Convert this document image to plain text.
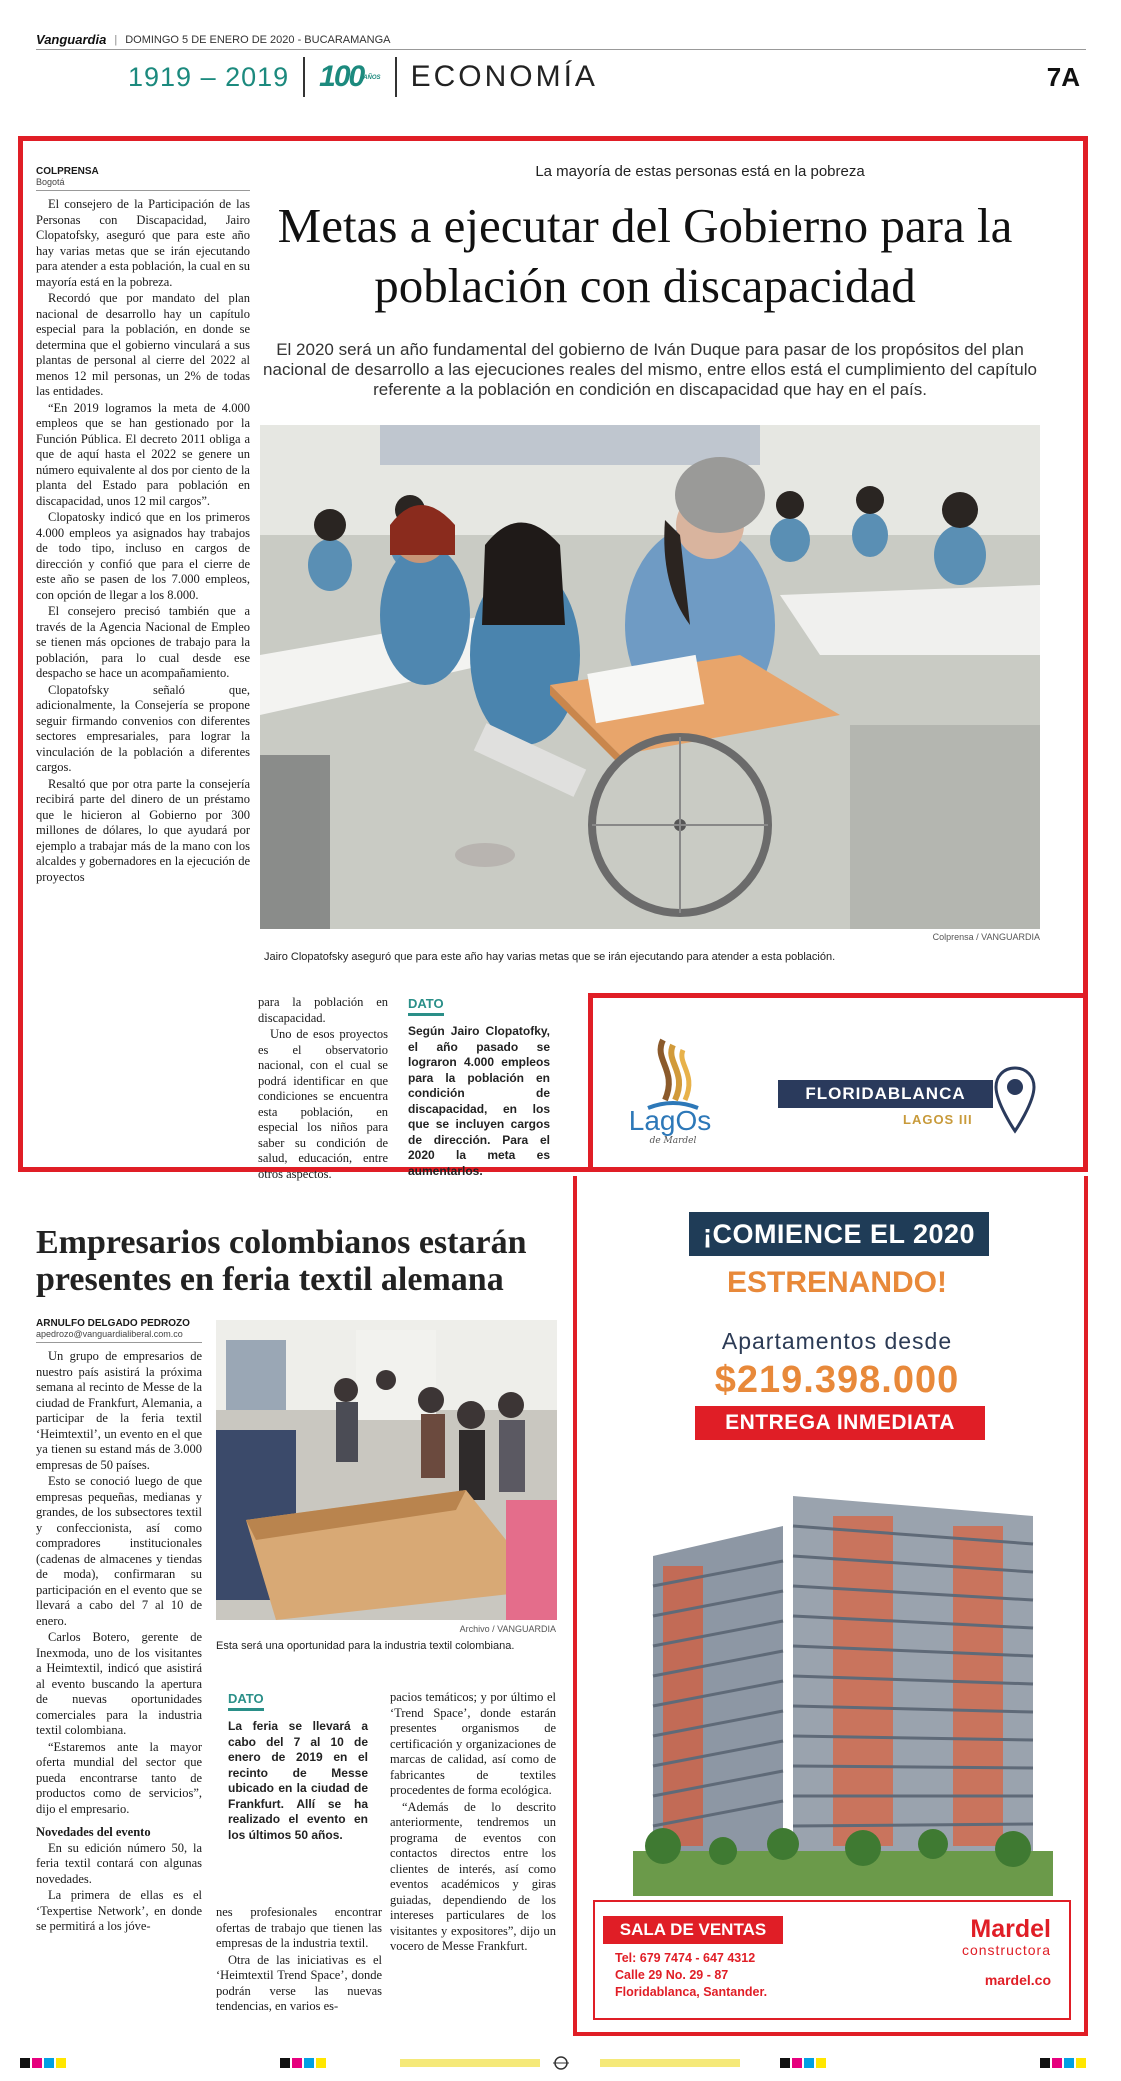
Vanguardia | DOMINGO 5 DE ENERO DE 2020 - BUCARAMANGA
1919 – 2019 100AÑOS ECONOMÍA	7A
COLPRENSA
Bogotá

El consejero de la Participación de las Personas con Discapacidad, Jairo Clopatofsky, aseguró que para este año hay varias metas que se irán ejecutando para atender a esta población, la cual en su mayoría está en la pobreza.

Recordó que por mandato del plan nacional de desarrollo hay un capítulo especial para la población, en donde se determina que el gobierno vinculará a sus plantas de personal al cierre del 2022 al menos 12 mil personas, un 2% de todas las entidades.

“En 2019 logramos la meta de 4.000 empleos que se han gestionado por la Función Pública. El decreto 2011 obliga a que de aquí hasta el 2022 se genere un número equivalente al dos por ciento de la planta del Estado para población en discapacidad, unos 12 mil cargos”.

Clopatosky indicó que en los primeros 4.000 empleos ya asignados hay trabajos de todo tipo, incluso en cargos de dirección y confió que para el cierre de este año se pasen de los 7.000 empleos, con opción de llegar a los 8.000.

El consejero precisó también que a través de la Agencia Nacional de Empleo se tienen más opciones de trabajo para la población, para lo cual desde ese despacho se hace un acompañamiento.

Clopatofsky señaló que, adicionalmente, la Consejería se propone seguir firmando convenios con diferentes sectores empresariales, para lograr la vinculación de la población a diferentes cargos.

Resaltó que por otra parte la consejería recibirá parte del dinero de un préstamo que le hicieron al Gobierno por 300 millones de dólares, lo que ayudará por ejemplo a trabajar más de la mano con los alcaldes y gobernadores en la ejecución de proyectos

La mayoría de estas personas está en la pobreza
Metas a ejecutar del Gobierno para la población con discapacidad
El 2020 será un año fundamental del gobierno de Iván Duque para pasar de los propósitos del plan nacional de desarrollo a las ejecuciones reales del mismo, entre ellos está el cumplimiento del capítulo referente a la población en condición en discapacidad que hay en el país.
Colprensa / VANGUARDIA
Jairo Clopatofsky aseguró que para este año hay varias metas que se irán ejecutando para atender a esta población.

para la población en discapacidad.

Uno de esos proyectos es el observatorio nacional, con el cual se podrá identificar en que condiciones se encuentra esta población, en especial los niños para saber su condición de salud, educación, entre otros aspectos.

DATO
Según Jairo Clopatofky, el año pasado se lograron 4.000 empleos para la población en condición de discapacidad, en los que se incluyen cargos de dirección. Para el 2020 la meta es aumentarlos.
LagOs
de Mardel
FLORIDABLANCA
LAGOS III
Empresarios colombianos estarán presentes en feria textil alemana
ARNULFO DELGADO PEDROZO
apedrozo@vanguardialiberal.com.co

Un grupo de empresarios de nuestro país asistirá la próxima semana al recinto de Messe de la ciudad de Frankfurt, Alemania, a participar de la feria textil ‘Heimtextil’, un evento en el que ya tienen su estand más de 3.000 empresas de 50 países.

Esto se conoció luego de que empresas pequeñas, medianas y grandes, de los subsectores textil y confeccionista, así como compradores institucionales (cadenas de almacenes y tiendas de moda), confirmaran su participación en el evento que se llevará a cabo del 7 al 10 de enero.

Carlos Botero, gerente de Inexmoda, uno de los visitantes a Heimtextil, indicó que asistirá al evento buscando la apertura de nuevas oportunidades comerciales para la industria textil colombiana.

“Estaremos ante la mayor oferta mundial del sector que pueda encontrarse tanto de productos como de servicios”, dijo el empresario.

Novedades del evento

En su edición número 50, la feria textil contará con algunas novedades.

La primera de ellas es el ‘Texpertise Network’, en donde se permitirá a los jóve-

Archivo / VANGUARDIA
Esta será una oportunidad para la industria textil colombiana.
DATO
La feria se llevará a cabo del 7 al 10 de enero de 2019 en el recinto de Messe ubicado en la ciudad de Frankfurt. Allí se ha realizado el evento en los últimos 50 años.

nes profesionales encontrar ofertas de trabajo que tienen las empresas de la industria textil.

Otra de las iniciativas es el ‘Heimtextil Trend Space’, donde podrán verse las nuevas tendencias, en varios es-

pacios temáticos; y por último el ‘Trend Space’, donde estarán presentes organismos de certificación y organizaciones de marcas de calidad, así como de fabricantes de textiles procedentes de forma ecológica.

“Además de lo descrito anteriormente, tendremos un programa de eventos con contactos directos entre los clientes de interés, así como eventos académicos y giras guiadas, dependiendo de los intereses particulares de los visitantes y expositores”, dijo un vocero de Messe Frankfurt.

¡COMIENCE EL 2020
ESTRENANDO!
Apartamentos desde
$219.398.000
ENTREGA INMEDIATA
SALA DE VENTAS
Tel: 679 7474 - 647 4312
Calle 29 No. 29 - 87
Floridablanca, Santander.
Mardel
constructora
mardel.co
